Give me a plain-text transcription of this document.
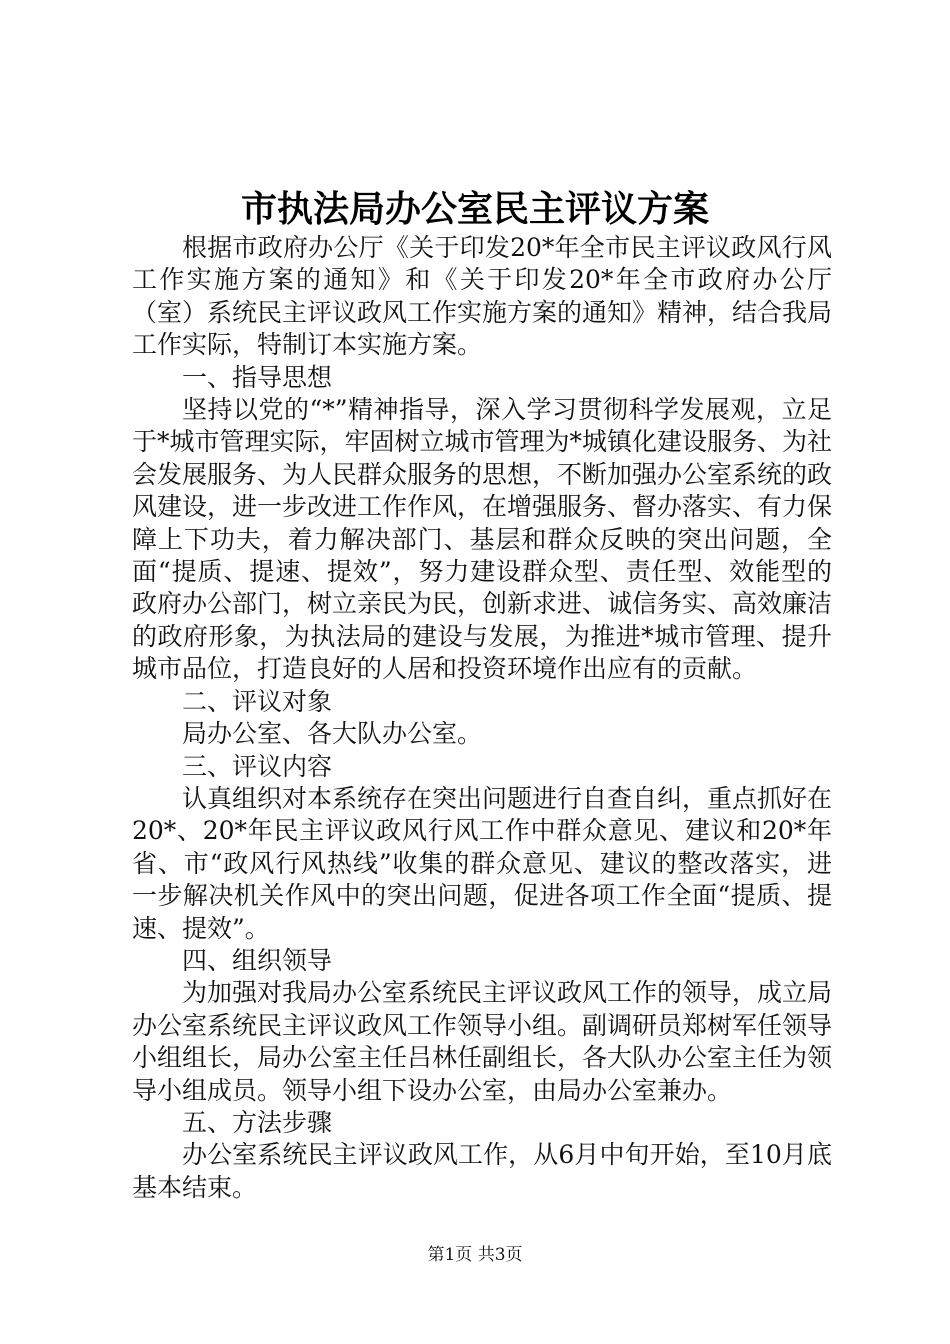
市执法局办公室民主评议方案

根据市政府办公厅《关于印发20*年全市民主评议政风行风工作实施方案的通知》和《关于印发20*年全市政府办公厅（室）系统民主评议政风工作实施方案的通知》精神，结合我局工作实际，特制订本实施方案。

一、指导思想

坚持以党的“*”精神指导，深入学习贯彻科学发展观，立足于*城市管理实际，牢固树立城市管理为*城镇化建设服务、为社会发展服务、为人民群众服务的思想，不断加强办公室系统的政风建设，进一步改进工作作风，在增强服务、督办落实、有力保障上下功夫，着力解决部门、基层和群众反映的突出问题，全面“提质、提速、提效”，努力建设群众型、责任型、效能型的政府办公部门，树立亲民为民，创新求进、诚信务实、高效廉洁的政府形象，为执法局的建设与发展，为推进*城市管理、提升城市品位，打造良好的人居和投资环境作出应有的贡献。

二、评议对象

局办公室、各大队办公室。

三、评议内容

认真组织对本系统存在突出问题进行自查自纠，重点抓好在20*、20*年民主评议政风行风工作中群众意见、建议和20*年省、市“政风行风热线”收集的群众意见、建议的整改落实，进一步解决机关作风中的突出问题，促进各项工作全面“提质、提速、提效”。

四、组织领导

为加强对我局办公室系统民主评议政风工作的领导，成立局办公室系统民主评议政风工作领导小组。副调研员郑树军任领导小组组长，局办公室主任吕林任副组长，各大队办公室主任为领导小组成员。领导小组下设办公室，由局办公室兼办。

五、方法步骤

办公室系统民主评议政风工作，从6月中旬开始，至10月底基本结束。

第1页 共3页
